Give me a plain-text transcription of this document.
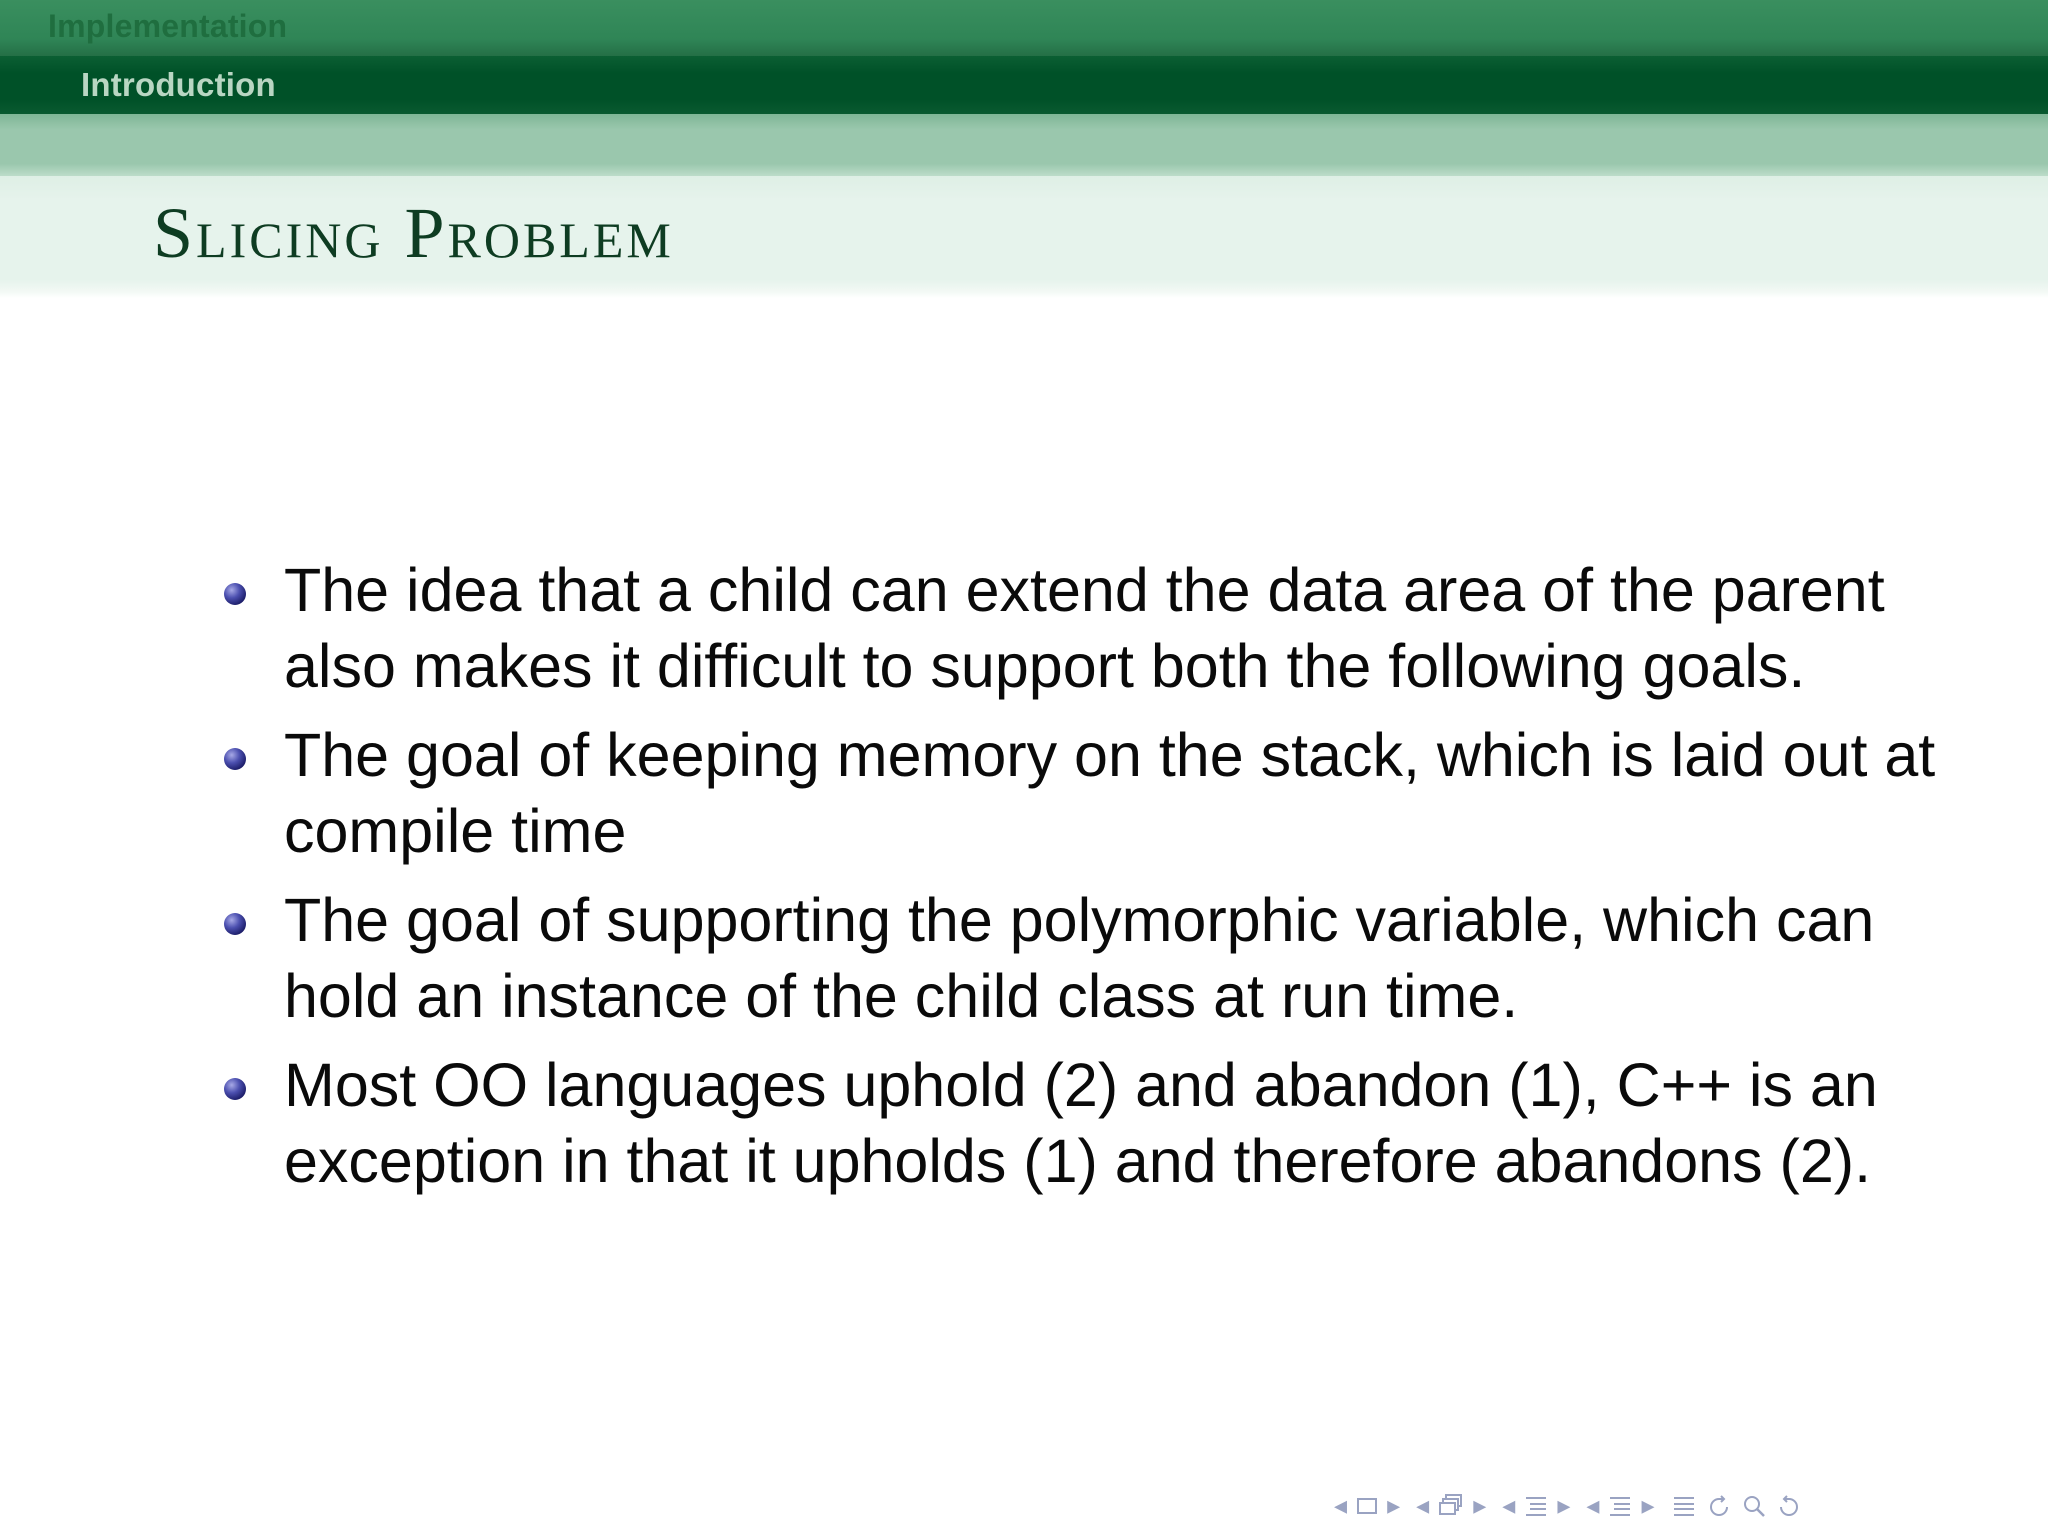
Implementation
Introduction
Slicing Problem
The idea that a child can extend the data area of the parent also makes it difficult to support both the following goals.
The goal of keeping memory on the stack, which is laid out at compile time
The goal of supporting the polymorphic variable, which can hold an instance of the child class at run time.
Most OO languages uphold (2) and abandon (1), C++ is an exception in that it upholds (1) and therefore abandons (2).
◂ ▸ ◂ ▸ ◂ ▸ ◂ ▸
